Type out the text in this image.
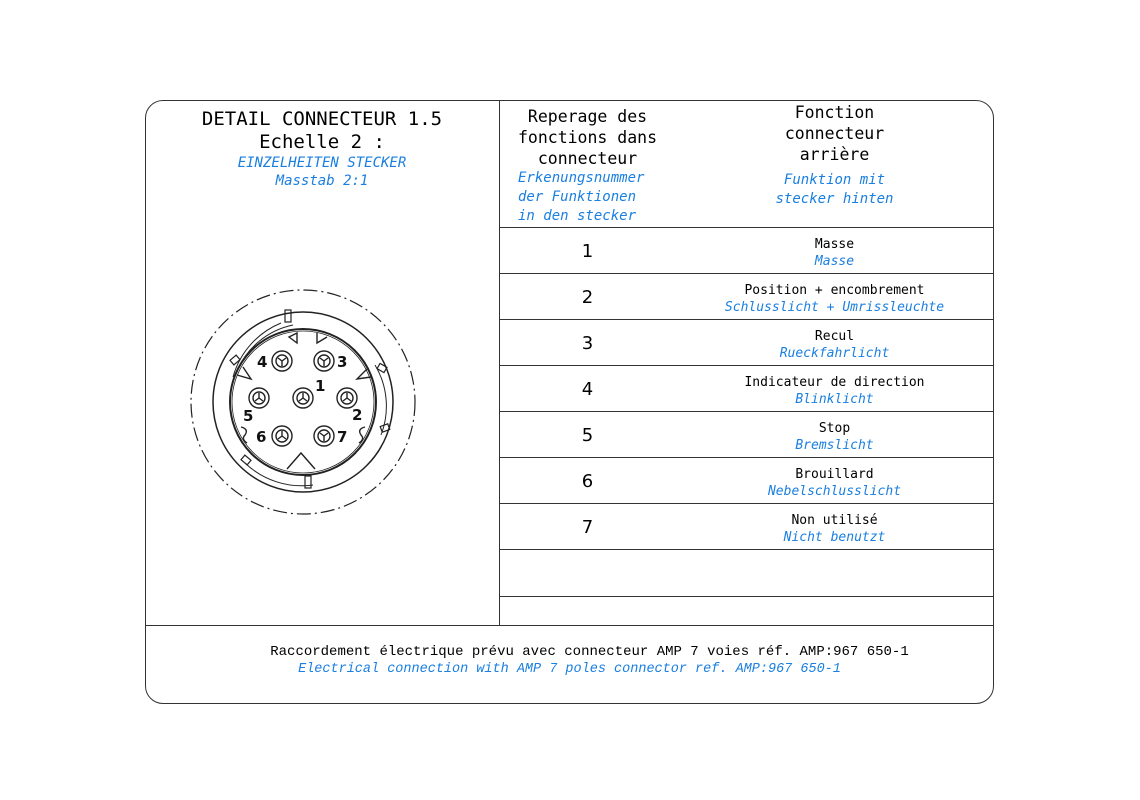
DETAIL CONNECTEUR 1.5
Echelle 2 :
EINZELHEITEN STECKER
Masstab 2:1
1
2
3
4
5
6	7
Reperage des
fonctions dans
connecteur
Erkenungsnummer
der Funktionen
in den stecker
Fonction
connecteur
arrière
Funktion mit
stecker hinten
1	Masse
Masse
2	Position + encombrement
Schlusslicht + Umrissleuchte
3	Recul
Rueckfahrlicht
4	Indicateur de direction
Blinklicht
5	Stop
Bremslicht
6	Brouillard
Nebelschlusslicht
7	Non utilisé
Nicht benutzt
Raccordement électrique prévu avec connecteur AMP 7 voies réf. AMP:967 650-1
Electrical connection with AMP 7 poles connector ref. AMP:967 650-1
